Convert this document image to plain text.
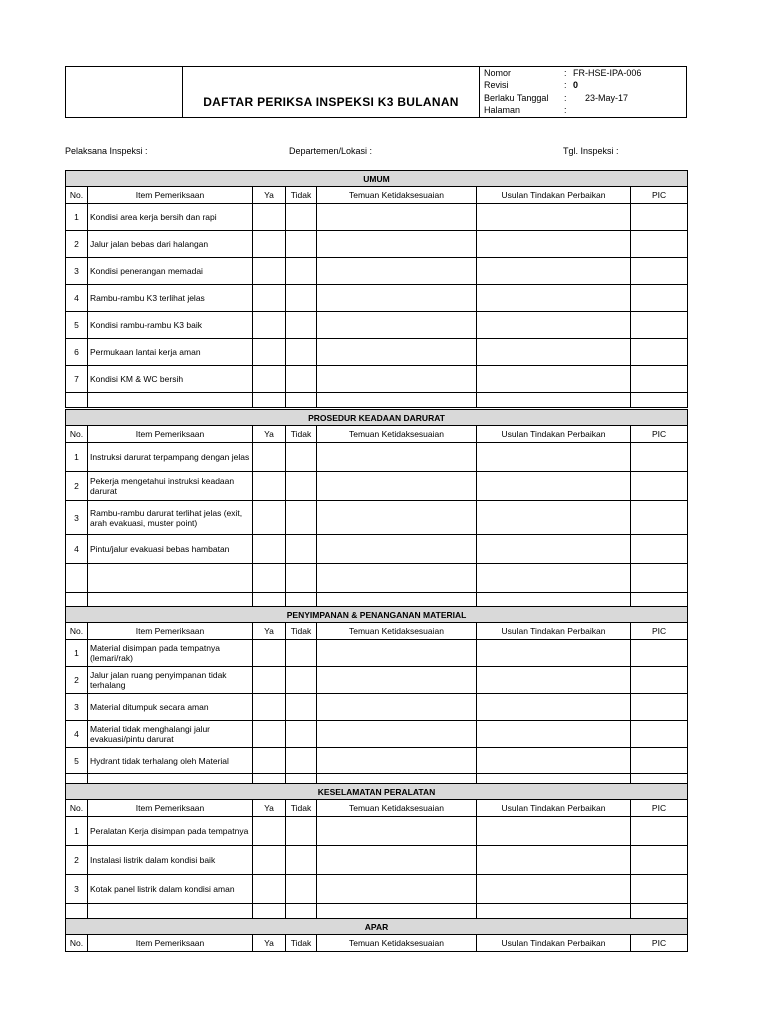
DAFTAR PERIKSA INSPEKSI K3 BULANAN
Nomor	: FR-HSE-IPA-006
Revisi	: 0
Berlaku Tanggal : 23-May-17
Halaman	:
Pelaksana Inspeksi :	Departemen/Lokasi :	Tgl. Inspeksi :
UMUM						
No.	Item Pemeriksaan	Ya	Tidak	Temuan Ketidaksesuaian	Usulan Tindakan Perbaikan	PIC
1	Kondisi area kerja bersih dan rapi					
2	Jalur jalan bebas dari halangan					
3	Kondisi penerangan memadai					
4	Rambu-rambu K3 terlihat jelas					
5	Kondisi rambu-rambu K3 baik					
6	Permukaan lantai kerja aman					
7	Kondisi KM & WC bersih					

PROSEDUR KEADAAN DARURAT						
No.	Item Pemeriksaan	Ya	Tidak	Temuan Ketidaksesuaian	Usulan Tindakan Perbaikan	PIC
1	Instruksi darurat terpampang dengan jelas					
2	Pekerja mengetahui instruksi keadaan darurat					
3	Rambu-rambu darurat terlihat jelas (exit, arah evakuasi, muster point)					
4	Pintu/jalur evakuasi bebas hambatan					

PENYIMPANAN & PENANGANAN MATERIAL						
No.	Item Pemeriksaan	Ya	Tidak	Temuan Ketidaksesuaian	Usulan Tindakan Perbaikan	PIC
1	Material disimpan pada tempatnya (lemari/rak)					
2	Jalur jalan ruang penyimpanan tidak terhalang					
3	Material ditumpuk secara aman					
4	Material tidak menghalangi jalur evakuasi/pintu darurat					
5	Hydrant tidak terhalang oleh Material					

KESELAMATAN PERALATAN						
No.	Item Pemeriksaan	Ya	Tidak	Temuan Ketidaksesuaian	Usulan Tindakan Perbaikan	PIC
1	Peralatan Kerja disimpan pada tempatnya					
2	Instalasi listrik dalam kondisi baik					
3	Kotak panel listrik dalam kondisi aman					

APAR
No.	Item Pemeriksaan	Ya	Tidak	Temuan Ketidaksesuaian	Usulan Tindakan Perbaikan	PIC
